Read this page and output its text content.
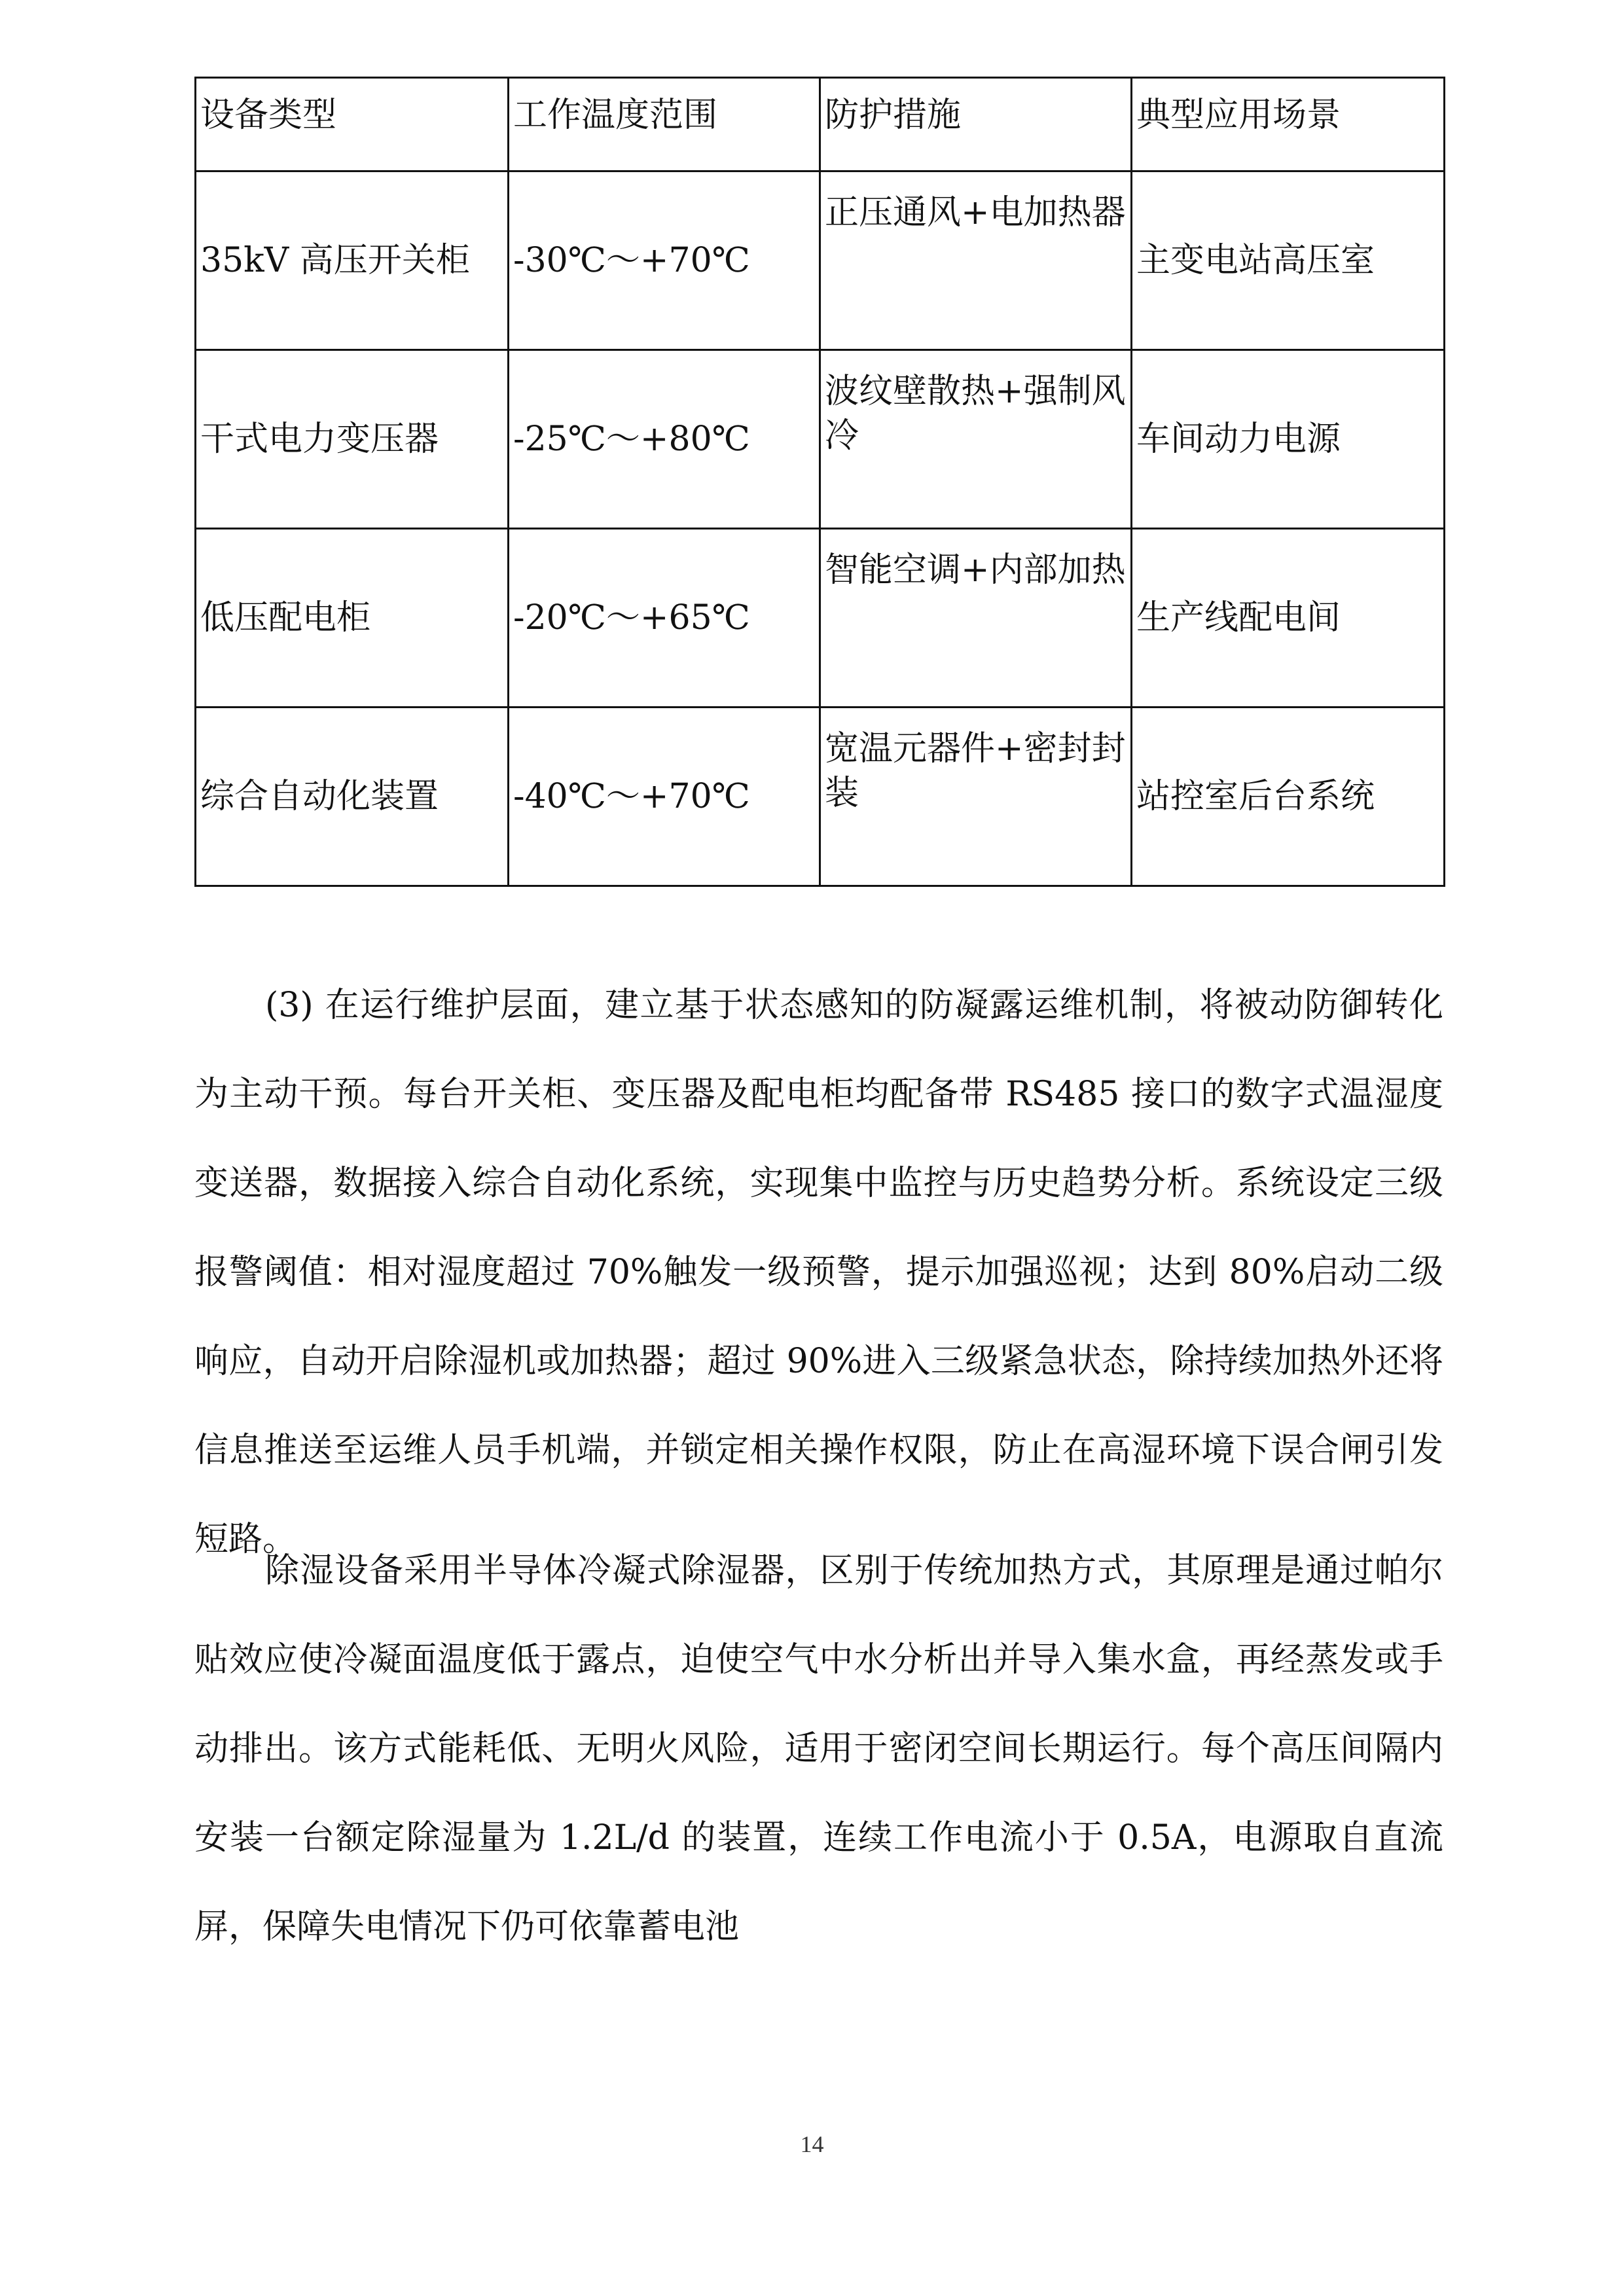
设备类型	工作温度范围	防护措施	典型应用场景
35kV 高压开关柜	-30℃～+70℃	正压通风+电加热器	主变电站高压室
干式电力变压器	-25℃～+80℃	波纹壁散热+强制风冷	车间动力电源
低压配电柜	-20℃～+65℃	智能空调+内部加热	生产线配电间
综合自动化装置	-40℃～+70℃	宽温元器件+密封封装	站控室后台系统

(3) 在运行维护层面，建立基于状态感知的防凝露运维机制，将被动防御转化为主动干预。每台开关柜、变压器及配电柜均配备带 RS485 接口的数字式温湿度变送器，数据接入综合自动化系统，实现集中监控与历史趋势分析。系统设定三级报警阈值：相对湿度超过 70%触发一级预警，提示加强巡视；达到 80%启动二级响应，自动开启除湿机或加热器；超过 90%进入三级紧急状态，除持续加热外还将信息推送至运维人员手机端，并锁定相关操作权限，防止在高湿环境下误合闸引发短路。

除湿设备采用半导体冷凝式除湿器，区别于传统加热方式，其原理是通过帕尔贴效应使冷凝面温度低于露点，迫使空气中水分析出并导入集水盒，再经蒸发或手动排出。该方式能耗低、无明火风险，适用于密闭空间长期运行。每个高压间隔内安装一台额定除湿量为 1.2L/d 的装置，连续工作电流小于 0.5A，电源取自直流屏，保障失电情况下仍可依靠蓄电池

14
